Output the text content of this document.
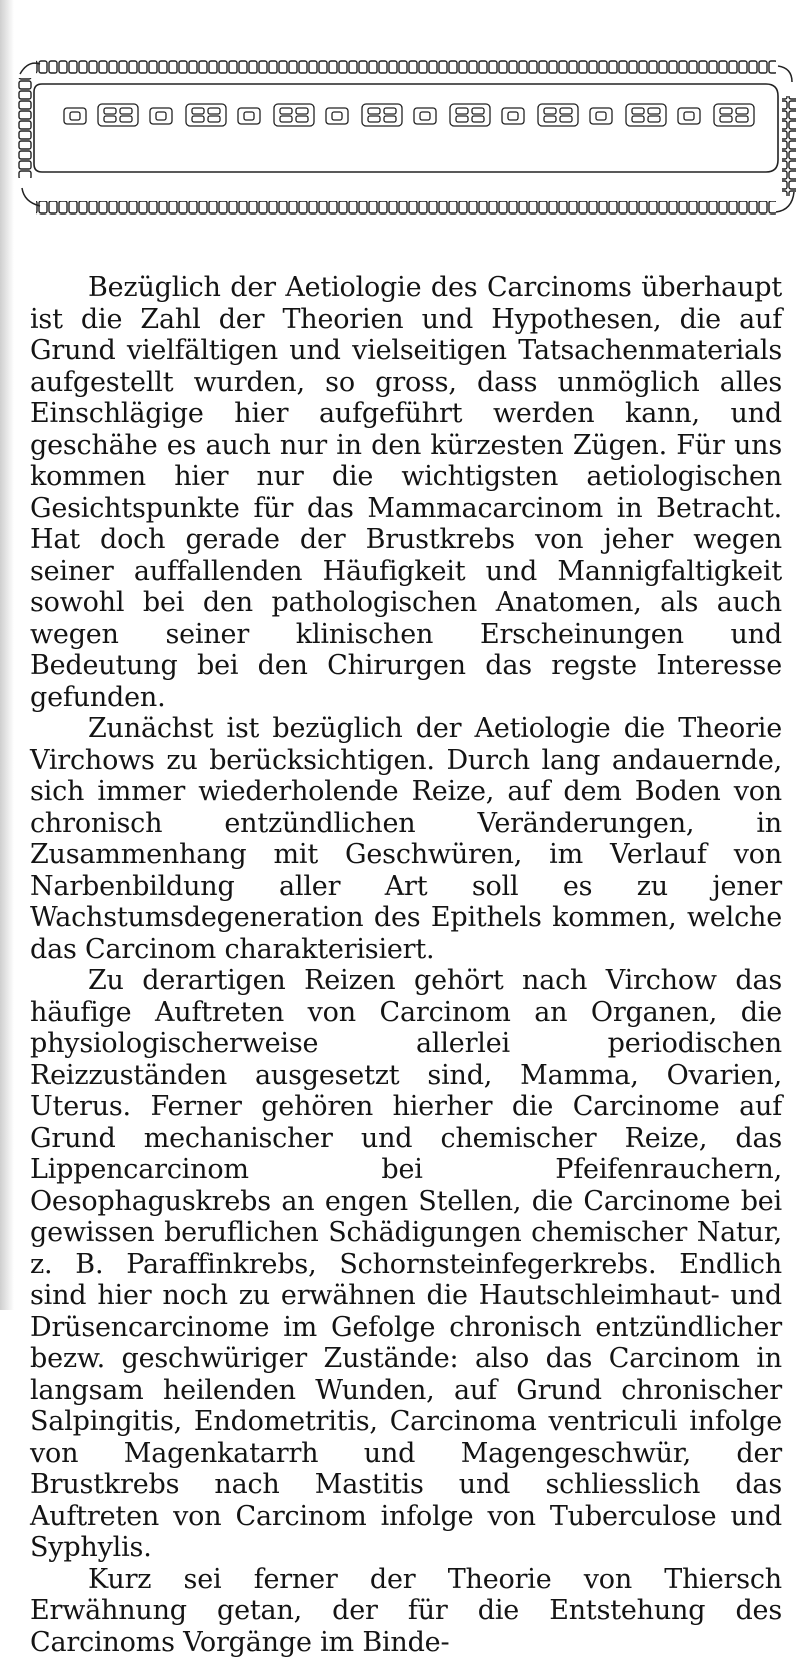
Bezüglich der Aetiologie des Carcinoms überhaupt ist die Zahl der Theorien und Hypothesen, die auf Grund vielfältigen und vielseitigen Tatsachenmaterials aufgestellt wurden, so gross, dass unmöglich alles Einschlägige hier aufgeführt werden kann, und geschähe es auch nur in den kürzesten Zügen. Für uns kommen hier nur die wichtigsten aetiologischen Gesichtspunkte für das Mammacarcinom in Betracht. Hat doch gerade der Brustkrebs von jeher wegen seiner auffallenden Häufigkeit und Mannigfaltigkeit sowohl bei den pathologischen Anatomen, als auch wegen seiner klinischen Erscheinungen und Bedeutung bei den Chirurgen das regste Interesse gefunden.

Zunächst ist bezüglich der Aetiologie die Theorie Virchows zu berücksichtigen. Durch lang andauernde, sich immer wiederholende Reize, auf dem Boden von chronisch entzündlichen Veränderungen, in Zusammenhang mit Geschwüren, im Verlauf von Narbenbildung aller Art soll es zu jener Wachstumsdegeneration des Epithels kommen, welche das Carcinom charakterisiert.

Zu derartigen Reizen gehört nach Virchow das häufige Auftreten von Carcinom an Organen, die physiologischerweise allerlei periodischen Reizzuständen ausgesetzt sind, Mamma, Ovarien, Uterus. Ferner gehören hierher die Carcinome auf Grund mechanischer und chemischer Reize, das Lippencarcinom bei Pfeifenrauchern, Oesophaguskrebs an engen Stellen, die Carcinome bei gewissen beruflichen Schädigungen chemischer Natur, z. B. Paraffinkrebs, Schornsteinfegerkrebs. Endlich sind hier noch zu erwähnen die Hautschleimhaut- und Drüsencarcinome im Gefolge chronisch entzündlicher bezw. geschwüriger Zustände: also das Carcinom in langsam heilenden Wunden, auf Grund chronischer Salpingitis, Endometritis, Carcinoma ventriculi infolge von Magenkatarrh und Magengeschwür, der Brustkrebs nach Mastitis und schliesslich das Auftreten von Carcinom infolge von Tuberculose und Syphylis.

Kurz sei ferner der Theorie von Thiersch Erwähnung getan, der für die Entstehung des Carcinoms Vorgänge im Binde-
